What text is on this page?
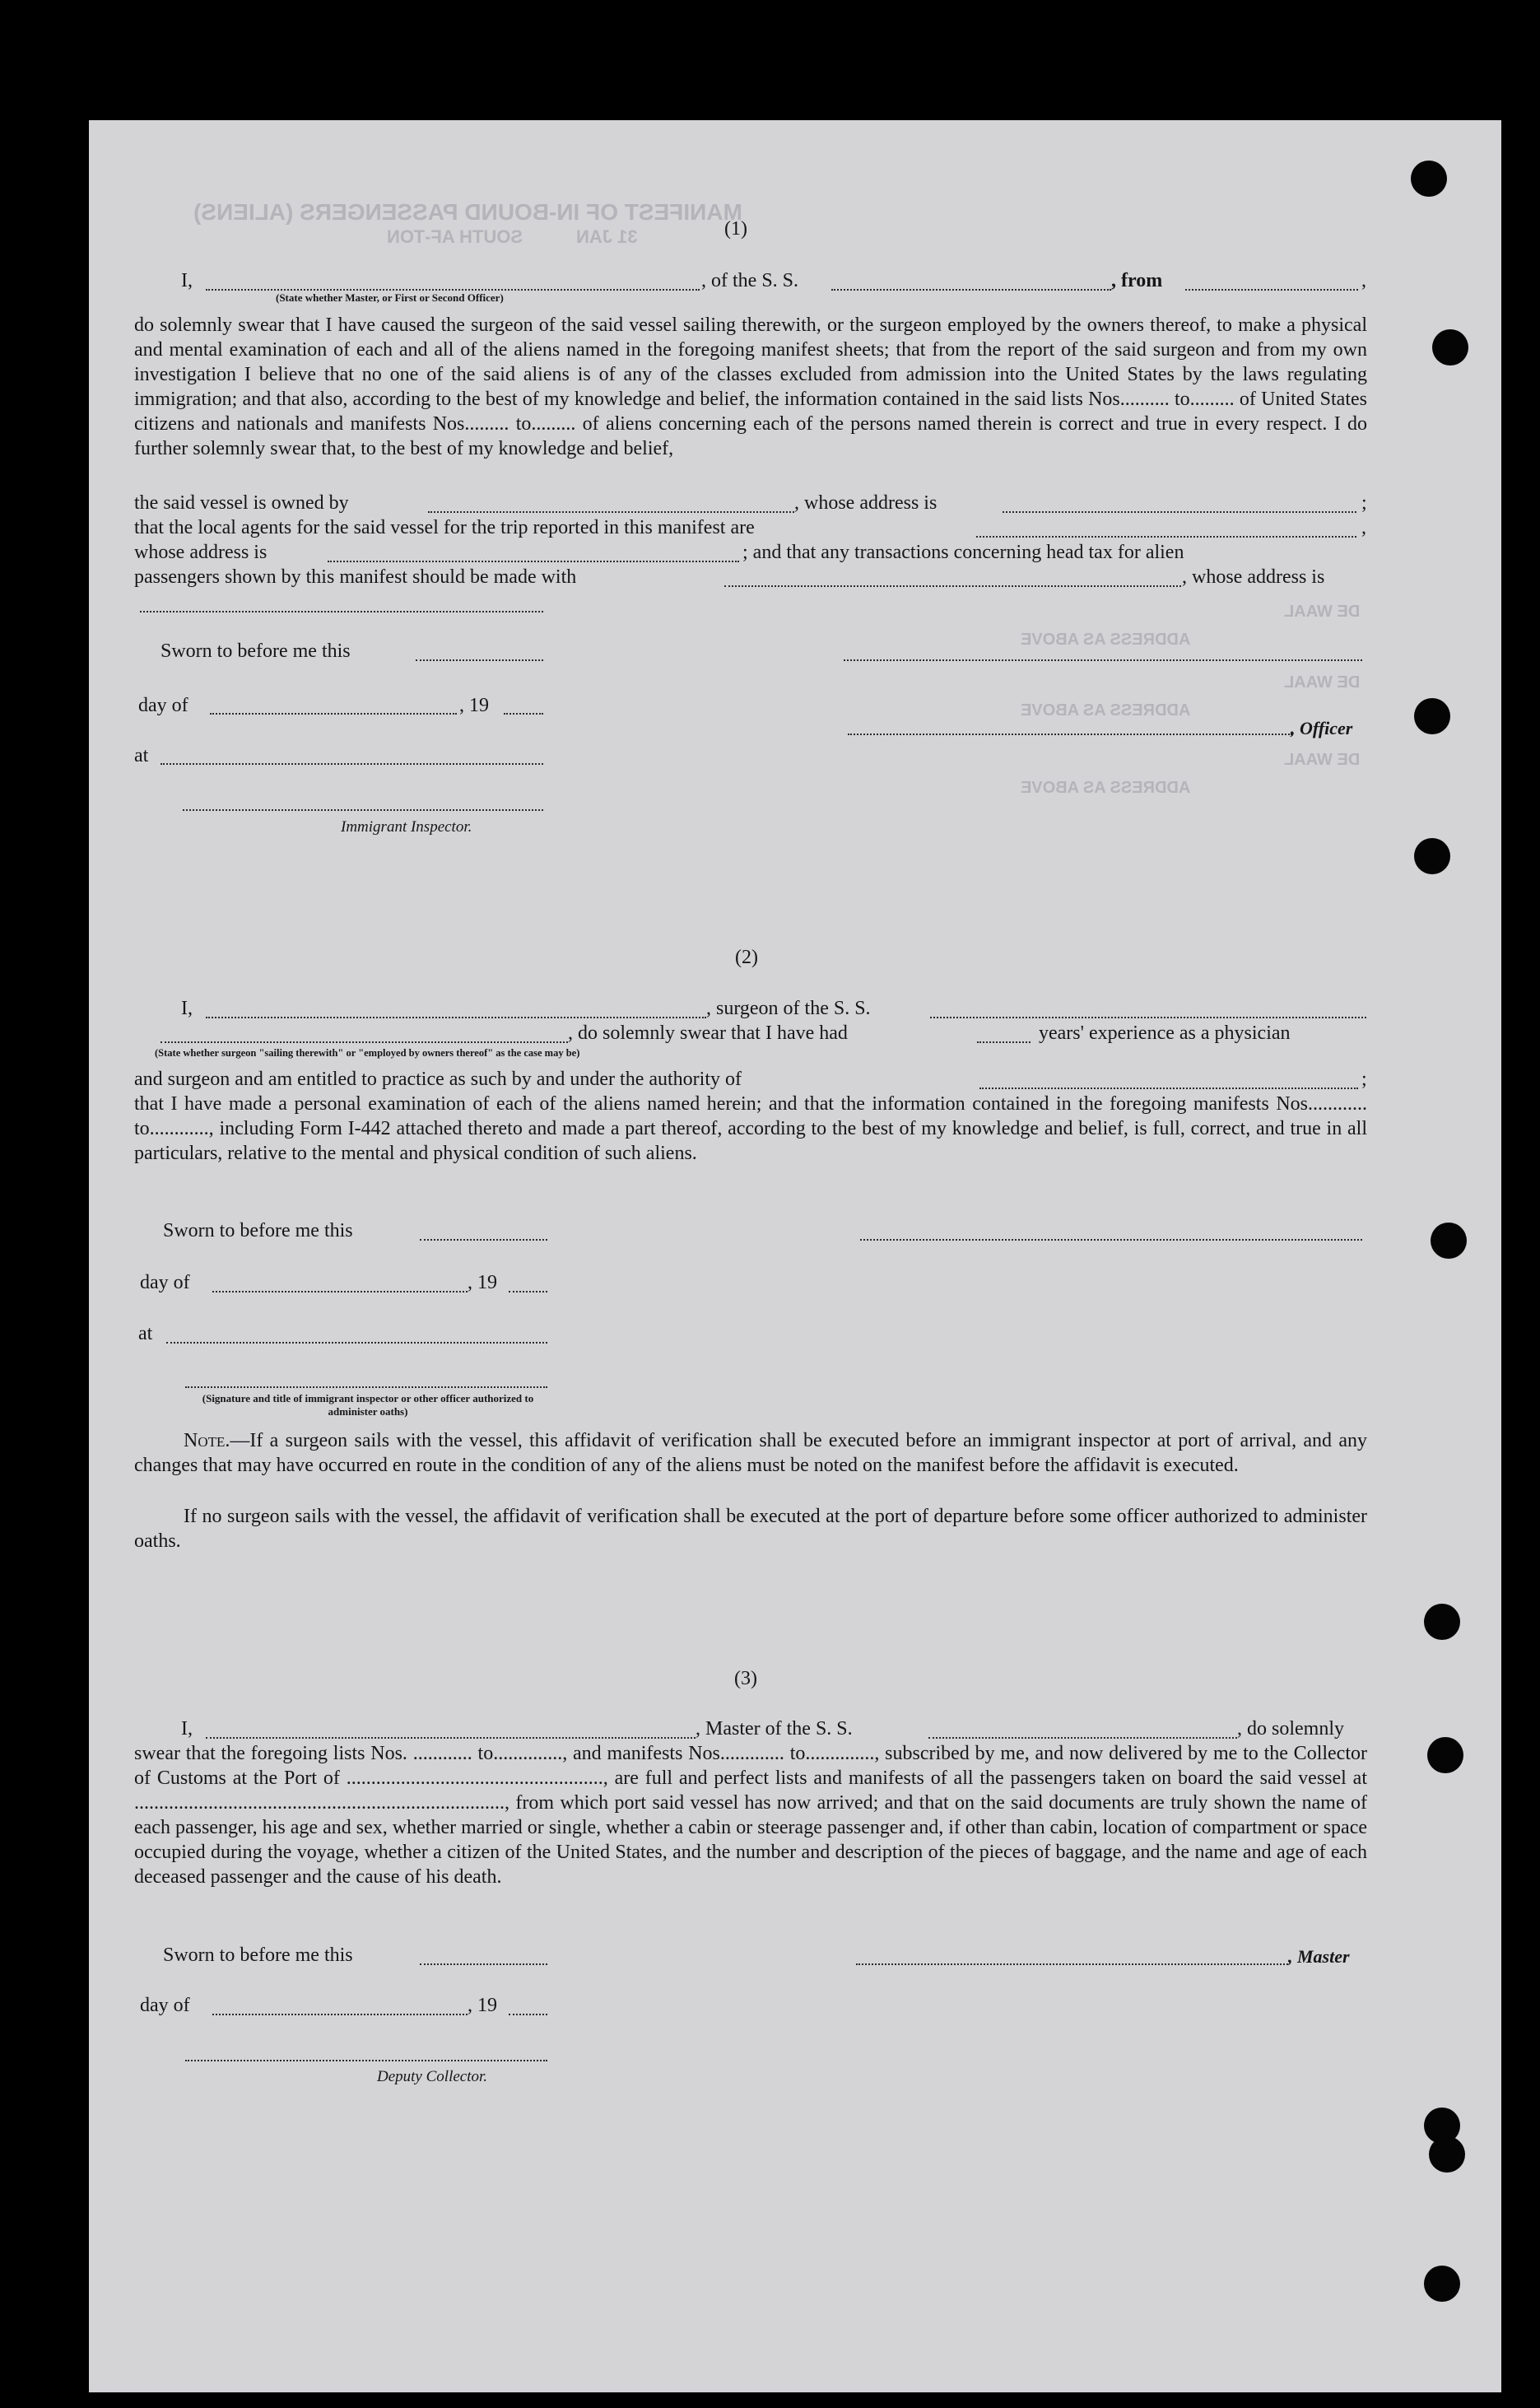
MANIFEST OF IN-BOUND PASSENGERS (ALIENS)
SOUTH AF-TON	31 JAN
DE WAAL
ADDRESS AS ABOVE
DE WAAL
ADDRESS AS ABOVE
DE WAAL
ADDRESS AS ABOVE
(1)
I,	, of the S. S.	, from	,
(State whether Master, or First or Second Officer)
do solemnly swear that I have caused the surgeon of the said vessel sailing therewith, or the surgeon employed by the owners thereof, to make a physical and mental examination of each and all of the aliens named in the foregoing manifest sheets; that from the report of the said surgeon and from my own investigation I believe that no one of the said aliens is of any of the classes excluded from admission into the United States by the laws regulating immigration; and that also, according to the best of my knowledge and belief, the information contained in the said lists Nos.......... to......... of United States citizens and nationals and manifests Nos......... to......... of aliens concerning each of the persons named therein is correct and true in every respect. I do further solemnly swear that, to the best of my knowledge and belief,
the said vessel is owned by	, whose address is	;
that the local agents for the said vessel for the trip reported in this manifest are	,
whose address is	; and that any transactions concerning head tax for alien
passengers shown by this manifest should be made with	, whose address is
Sworn to before me this
day of	, 19
, Officer
at
Immigrant Inspector.
(2)
I,	, surgeon of the S. S.
, do solemnly swear that I have had	years' experience as a physician
(State whether surgeon "sailing therewith" or "employed by owners thereof" as the case may be)
and surgeon and am entitled to practice as such by and under the authority of	;
that I have made a personal examination of each of the aliens named herein; and that the information contained in the foregoing manifests Nos............ to............, including Form I-442 attached thereto and made a part thereof, according to the best of my knowledge and belief, is full, correct, and true in all particulars, relative to the mental and physical condition of such aliens.
Sworn to before me this
day of	, 19
at
(Signature and title of immigrant inspector or other officer authorized to administer oaths)
Note.—If a surgeon sails with the vessel, this affidavit of verification shall be executed before an immigrant inspector at port of arrival, and any changes that may have occurred en route in the condition of any of the aliens must be noted on the manifest before the affidavit is executed.
If no surgeon sails with the vessel, the affidavit of verification shall be executed at the port of departure before some officer authorized to administer oaths.
(3)
I,	, Master of the S. S.	, do solemnly
swear that the foregoing lists Nos. ............ to.............., and manifests Nos............. to.............., subscribed by me, and now delivered by me to the Collector of Customs at the Port of ...................................................., are full and perfect lists and manifests of all the passengers taken on board the said vessel at ..........................................................................., from which port said vessel has now arrived; and that on the said documents are truly shown the name of each passenger, his age and sex, whether married or single, whether a cabin or steerage passenger and, if other than cabin, location of compartment or space occupied during the voyage, whether a citizen of the United States, and the number and description of the pieces of baggage, and the name and age of each deceased passenger and the cause of his death.
Sworn to before me this	, Master
day of	, 19
Deputy Collector.
